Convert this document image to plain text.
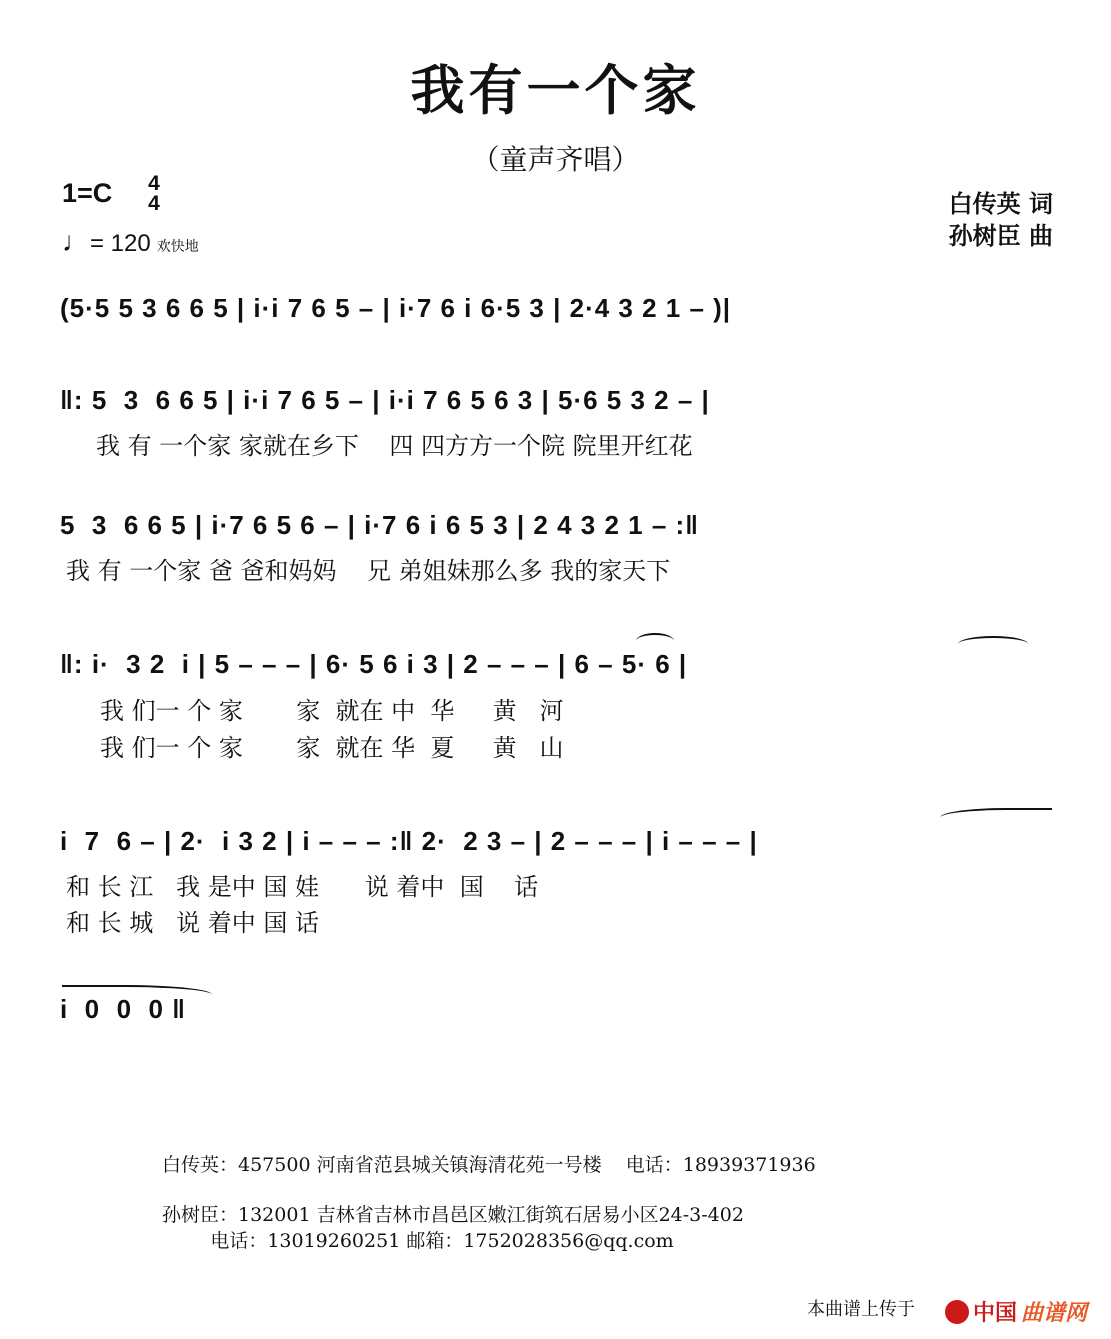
我有一个家
（童声齐唱）
1=C 4
4
♩= 120 欢快地
白传英 词
孙树臣 曲
(5·5 5 3 6 6 5 | i·i 7 6 5 – | i·7 6 i 6·5 3 | 2·4 3 2 1 – )|
‖: 5  3  6 6 5 | i·i 7 6 5 – | i·i 7 6 5 6 3 | 5·6 5 3 2 – |
我 有 一个家 家就在乡下    四 四方方一个院 院里开红花
5  3  6 6 5 | i·7 6 5 6 – | i·7 6 i 6 5 3 | 2 4 3 2 1 – :‖
我 有 一个家 爸 爸和妈妈    兄 弟姐妹那么多 我的家天下
‖: i·  3 2  i | 5 – – – | 6· 5 6 i 3 | 2 – – – | 6 – 5· 6 |
我 们一 个 家       家  就在 中  华     黄   河
我 们一 个 家       家  就在 华  夏     黄   山
i  7  6 – | 2·  i 3 2 | i – – – :‖ 2·  2 3 – | 2 – – – | i – – – |
和 长 江   我 是中 国 娃      说 着中  国    话
和 长 城   说 着中 国 话
i  0  0  0 ‖
白传英：457500 河南省范县城关镇海清花苑一号楼    电话：18939371936
孙树臣：132001 吉林省吉林市昌邑区嫩江街筑石居易小区24-3-402
电话：13019260251 邮箱：1752028356@qq.com
本曲谱上传于	中国 曲谱网
